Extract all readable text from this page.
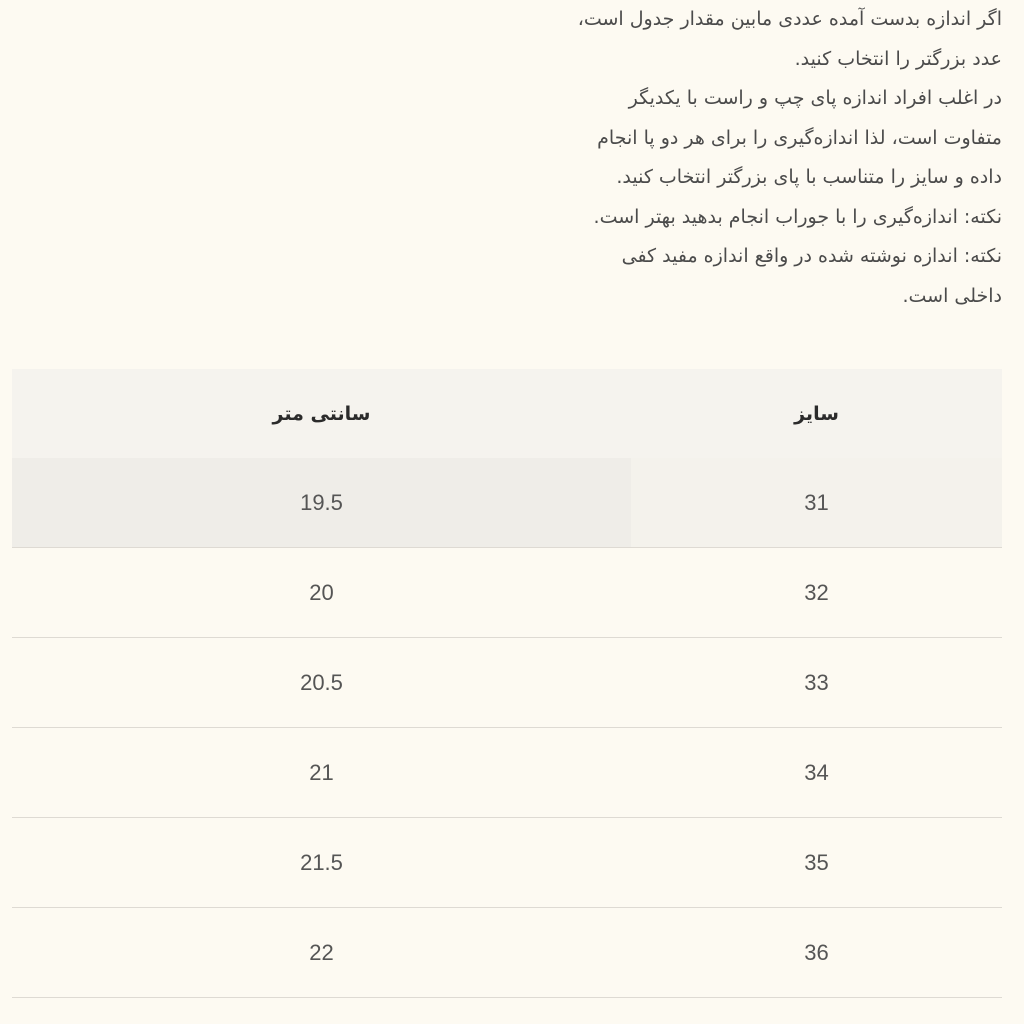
اگر اندازه بدست آمده عددی مابین مقدار جدول است،
عدد بزرگتر را انتخاب کنید.
در اغلب افراد اندازه پای چپ و راست با یکدیگر
متفاوت است، لذا اندازه‌گیری را برای هر دو پا انجام
داده و سایز را متناسب با پای بزرگتر انتخاب کنید.
نکته: اندازه‌گیری را با جوراب انجام بدهید بهتر است.
نکته: اندازه نوشته شده در واقع اندازه مفید کفی
داخلی است.
سایز	سانتی متر
31	19.5
32	20
33	20.5
34	21
35	21.5
36	22
